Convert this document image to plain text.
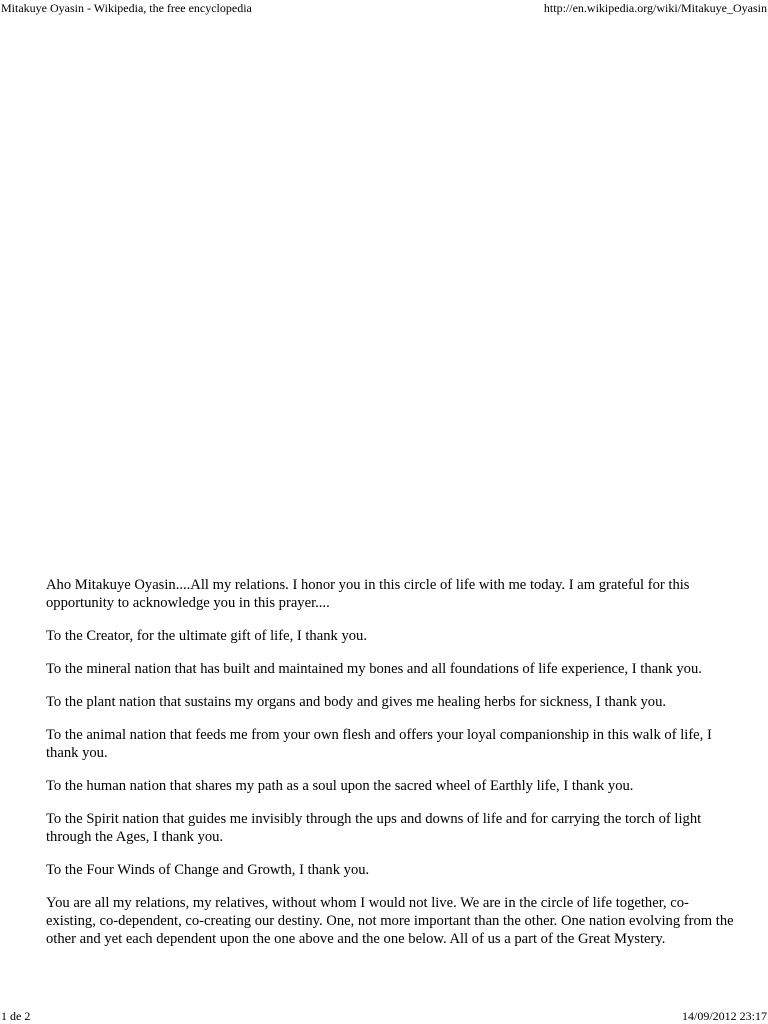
Mitakuye Oyasin - Wikipedia, the free encyclopedia	http://en.wikipedia.org/wiki/Mitakuye_Oyasin

Aho Mitakuye Oyasin....All my relations. I honor you in this circle of life with me today. I am grateful for this opportunity to acknowledge you in this prayer....

To the Creator, for the ultimate gift of life, I thank you.

To the mineral nation that has built and maintained my bones and all foundations of life experience, I thank you.

To the plant nation that sustains my organs and body and gives me healing herbs for sickness, I thank you.

To the animal nation that feeds me from your own flesh and offers your loyal companionship in this walk of life, I thank you.

To the human nation that shares my path as a soul upon the sacred wheel of Earthly life, I thank you.

To the Spirit nation that guides me invisibly through the ups and downs of life and for carrying the torch of light through the Ages, I thank you.

To the Four Winds of Change and Growth, I thank you.

You are all my relations, my relatives, without whom I would not live. We are in the circle of life together, co-existing, co-dependent, co-creating our destiny. One, not more important than the other. One nation evolving from the other and yet each dependent upon the one above and the one below. All of us a part of the Great Mystery.

1 de 2	14/09/2012 23:17
